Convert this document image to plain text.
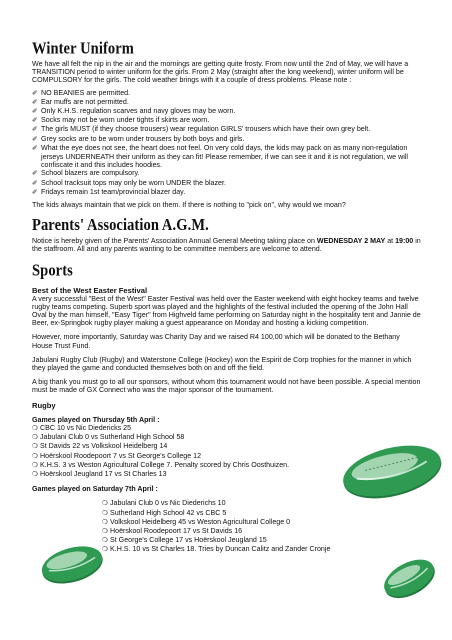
Winter Uniform

We have all felt the nip in the air and the mornings are getting quite frosty. From now until the 2nd of May, we will have a TRANSITION period to winter uniform for the girls. From 2 May (straight after the long weekend), winter uniform will be COMPULSORY for the girls. The cold weather brings with it a couple of dress problems. Please note :

✐ NO BEANIES are permitted.

✐ Ear muffs are not permitted.

✐ Only K.H.S. regulation scarves and navy gloves may be worn.

✐ Socks may not be worn under tights if skirts are worn.

✐ The girls MUST (if they choose trousers) wear regulation GIRLS' trousers which have their own grey belt.

✐ Grey socks are to be worn under trousers by both boys and girls.

✐ What the eye does not see, the heart does not feel. On very cold days, the kids may pack on as many non-regulation jerseys UNDERNEATH their uniform as they can fit! Please remember, if we can see it and it is not regulation, we will confiscate it and this includes hoodies.

✐ School blazers are compulsory.

✐ School tracksuit tops may only be worn UNDER the blazer.

✐ Fridays remain 1st team/provincial blazer day.

The kids always maintain that we pick on them. If there is nothing to "pick on", why would we moan?

Parents' Association A.G.M.

Notice is hereby given of the Parents' Association Annual General Meeting taking place on WEDNESDAY 2 MAY at 19:00 in the staffroom. All and any parents wanting to be committee members are welcome to attend.

Sports

Best of the West Easter Festival

A very successful "Best of the West" Easter Festival was held over the Easter weekend with eight hockey teams and twelve rugby teams competing. Superb sport was played and the highlights of the festival included the opening of the John Hall Oval by the man himself, "Easy Tiger" from Highveld fame performing on Saturday night in the hospitality tent and Jannie de Beer, ex-Springbok rugby player making a guest appearance on Monday and hosting a kicking competition.

However, more importantly, Saturday was Charity Day and we raised R4 100,00 which will be donated to the Bethany House Trust Fund.

Jabulani Rugby Club (Rugby) and Waterstone College (Hockey) won the Espirit de Corp trophies for the manner in which they played the game and conducted themselves both on and off the field.

A big thank you must go to all our sponsors, without whom this tournament would not have been possible. A special mention must be made of GX Connect who was the major sponsor of the tournament.

Rugby

Games played on Thursday 5th April :

❍ CBC 10 vs Nic Diedericks 25

❍ Jabulani Club 0 vs Sutherland High School 58

❍ St Davids 22 vs Volkskool Heidelberg 14

❍ Hoërskool Roodepoort 7 vs St George's College 12

❍ K.H.S. 3 vs Weston Agricultural College 7. Penalty scored by Chris Oosthuizen.

❍ Hoërskool Jeugland 17 vs St Charles 13

Games played on Saturday 7th April :

❍ Jabulani Club 0 vs Nic Diederichs 10

❍ Sutherland High School 42 vs CBC 5

❍ Volkskool Heidelberg 45 vs Weston Agricultural College 0

❍ Hoërskool Roodepoort 17 vs St Davids 16

❍ St George's College 17 vs Hoërskool Jeugland 15

❍ K.H.S. 10 vs St Charles 18. Tries by Duncan Calitz and Zander Cronje
